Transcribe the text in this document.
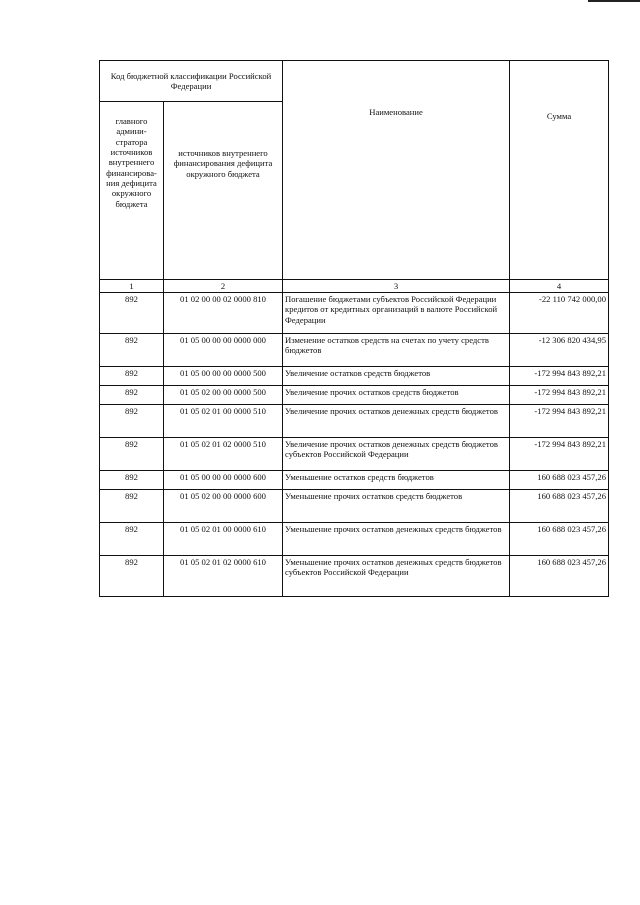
Код бюджетной классификации Российской Федерации		Наименование	Сумма
главного админи-стратора источников внутреннего финансирова-ния дефицита окружного бюджета	источников внутреннего финансирования дефицита окружного бюджета		
1	2	3	4
892	01 02 00 00 02 0000 810	Погашение бюджетами субъектов Российской Федерации кредитов от кредитных организаций в валюте Российской Федерации	-22 110 742 000,00
892	01 05 00 00 00 0000 000	Изменение остатков средств на счетах по учету средств бюджетов	-12 306 820 434,95
892	01 05 00 00 00 0000 500	Увеличение остатков средств бюджетов	-172 994 843 892,21
892	01 05 02 00 00 0000 500	Увеличение прочих остатков средств бюджетов	-172 994 843 892,21
892	01 05 02 01 00 0000 510	Увеличение прочих остатков денежных средств бюджетов	-172 994 843 892,21
892	01 05 02 01 02 0000 510	Увеличение прочих остатков денежных средств бюджетов субъектов Российской Федерации	-172 994 843 892,21
892	01 05 00 00 00 0000 600	Уменьшение остатков средств бюджетов	160 688 023 457,26
892	01 05 02 00 00 0000 600	Уменьшение прочих остатков средств бюджетов	160 688 023 457,26
892	01 05 02 01 00 0000 610	Уменьшение прочих остатков денежных средств бюджетов	160 688 023 457,26
892	01 05 02 01 02 0000 610	Уменьшение прочих остатков денежных средств бюджетов субъектов Российской Федерации	160 688 023 457,26
